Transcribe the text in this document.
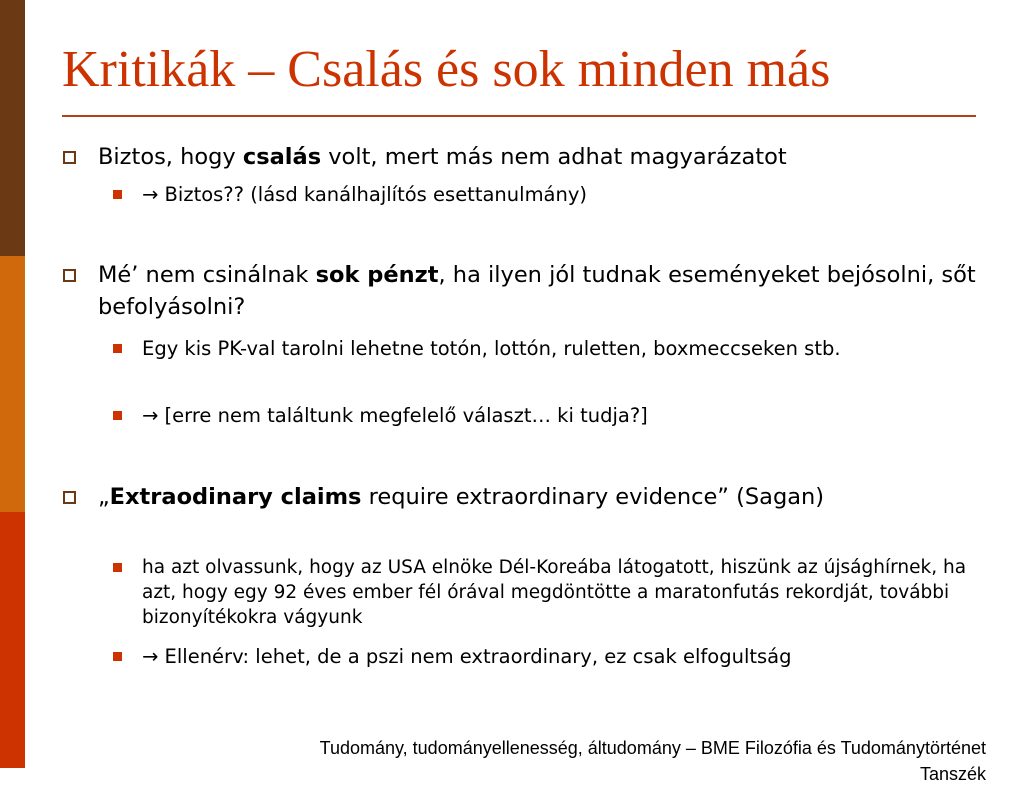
Kritikák – Csalás és sok minden más
Biztos, hogy csalás volt, mert más nem adhat magyarázatot
→ Biztos?? (lásd kanálhajlítós esettanulmány)
Mé’ nem csinálnak sok pénzt, ha ilyen jól tudnak eseményeket bejósolni, sőt befolyásolni?
Egy kis PK-val tarolni lehetne totón, lottón, ruletten, boxmeccseken stb.
→ [erre nem találtunk megfelelő választ… ki tudja?]
„Extraodinary claims require extraordinary evidence” (Sagan)
ha azt olvassunk, hogy az USA elnöke Dél-Koreába látogatott, hiszünk az újsághírnek, ha azt, hogy egy 92 éves ember fél órával megdöntötte a maratonfutás rekordját, további bizonyítékokra vágyunk
→ Ellenérv: lehet, de a pszi nem extraordinary, ez csak elfogultság
Tudomány, tudományellenesség, áltudomány – BME Filozófia és Tudománytörténet Tanszék
